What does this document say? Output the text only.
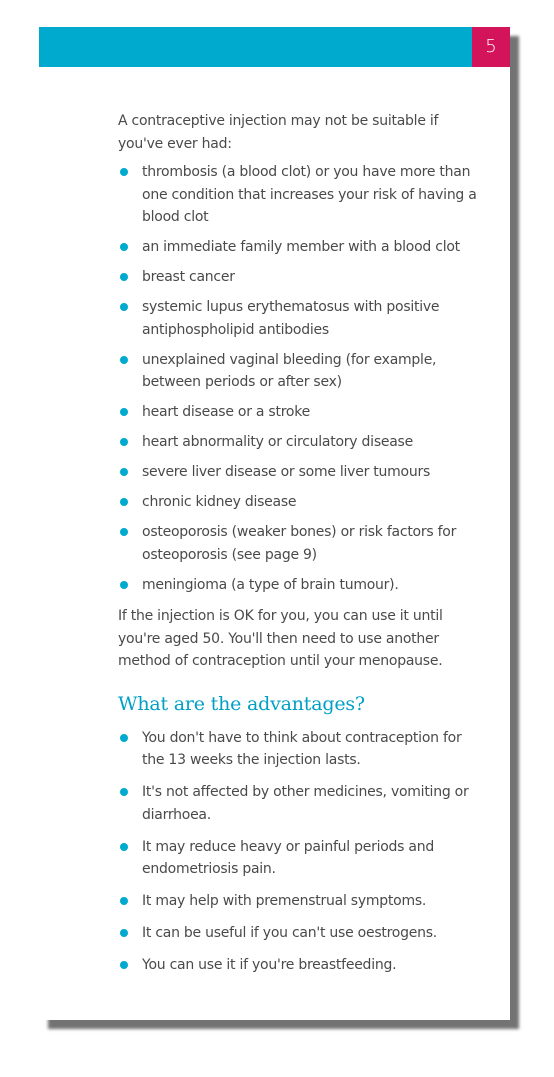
5

A contraceptive injection may not be suitable if you've ever had:

thrombosis (a blood clot) or you have more than one condition that increases your risk of having a blood clot
an immediate family member with a blood clot
breast cancer
systemic lupus erythematosus with positive antiphospholipid antibodies
unexplained vaginal bleeding (for example, between periods or after sex)
heart disease or a stroke
heart abnormality or circulatory disease
severe liver disease or some liver tumours
chronic kidney disease
osteoporosis (weaker bones) or risk factors for osteoporosis (see page 9)
meningioma (a type of brain tumour).

If the injection is OK for you, you can use it until you're aged 50. You'll then need to use another method of contraception until your menopause.

What are the advantages?
You don't have to think about contraception for the 13 weeks the injection lasts.
It's not affected by other medicines, vomiting or diarrhoea.
It may reduce heavy or painful periods and endometriosis pain.
It may help with premenstrual symptoms.
It can be useful if you can't use oestrogens.
You can use it if you're breastfeeding.
